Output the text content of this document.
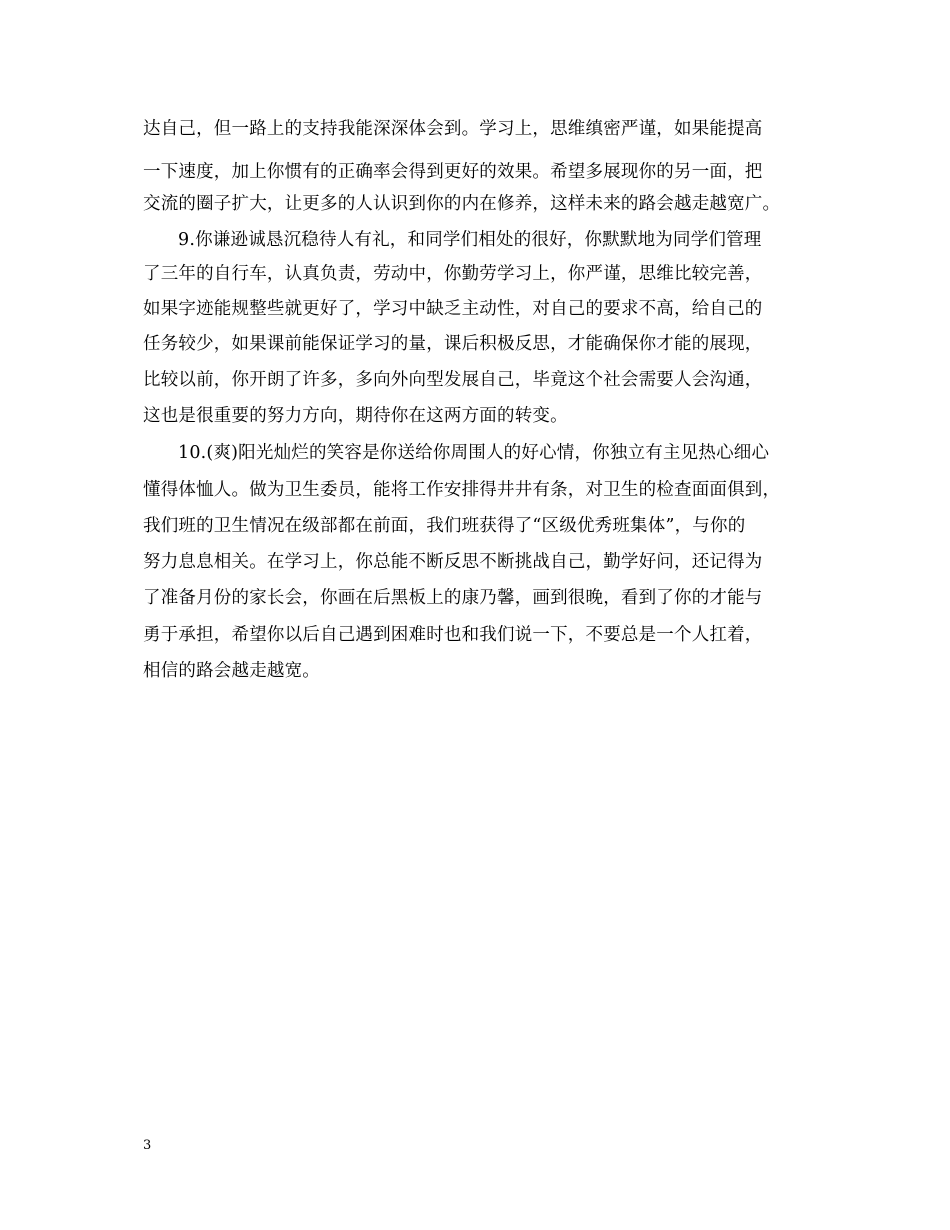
达自己，但一路上的支持我能深深体会到。学习上，思维缜密严谨，如果能提高
一下速度，加上你惯有的正确率会得到更好的效果。希望多展现你的另一面，把
交流的圈子扩大，让更多的人认识到你的内在修养，这样未来的路会越走越宽广。
9.你谦逊诚恳沉稳待人有礼，和同学们相处的很好，你默默地为同学们管理
了三年的自行车，认真负责，劳动中，你勤劳学习上，你严谨，思维比较完善，
如果字迹能规整些就更好了，学习中缺乏主动性，对自己的要求不高，给自己的
任务较少，如果课前能保证学习的量，课后积极反思，才能确保你才能的展现，
比较以前，你开朗了许多，多向外向型发展自己，毕竟这个社会需要人会沟通，
这也是很重要的努力方向，期待你在这两方面的转变。
10.(爽)阳光灿烂的笑容是你送给你周围人的好心情，你独立有主见热心细心
懂得体恤人。做为卫生委员，能将工作安排得井井有条，对卫生的检查面面俱到，
我们班的卫生情况在级部都在前面，我们班获得了“区级优秀班集体”，与你的
努力息息相关。在学习上，你总能不断反思不断挑战自己，勤学好问，还记得为
了准备月份的家长会，你画在后黑板上的康乃馨，画到很晚，看到了你的才能与
勇于承担，希望你以后自己遇到困难时也和我们说一下，不要总是一个人扛着，
相信的路会越走越宽。
3
